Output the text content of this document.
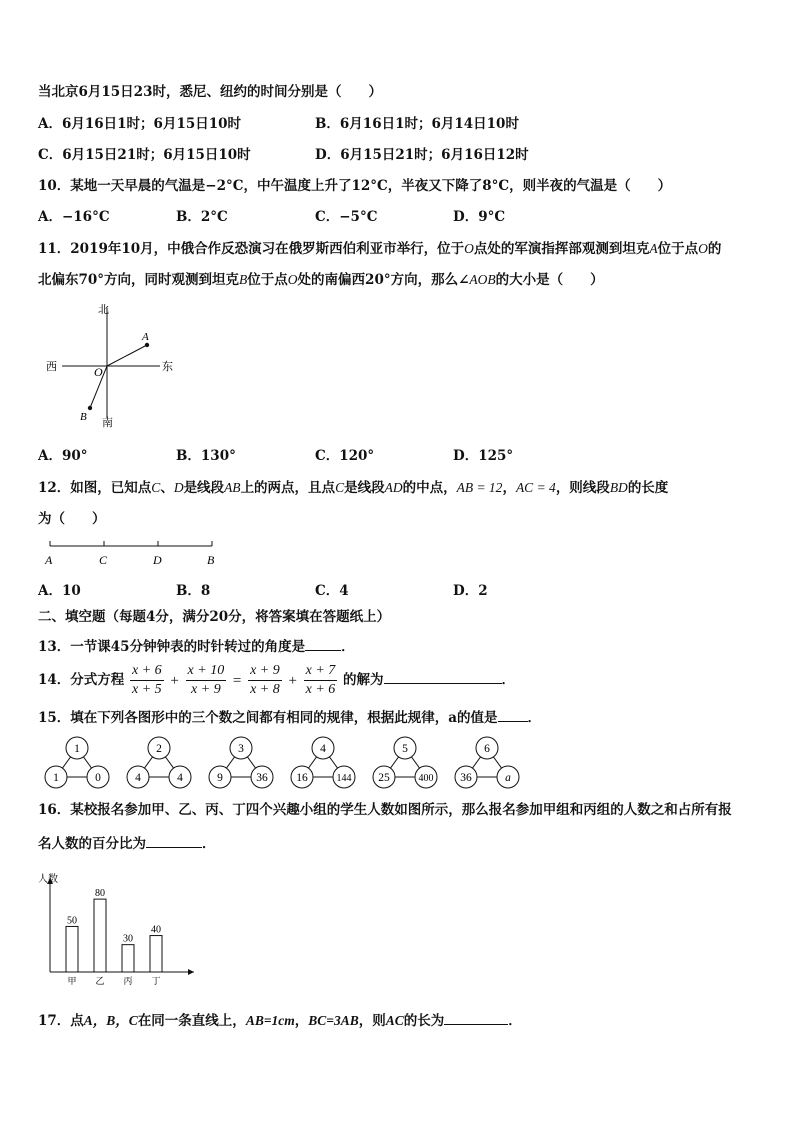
当北京6月15日23时，悉尼、纽约的时间分别是（　　）
A．6月16日1时；6月15日10时	B．6月16日1时；6月14日10时
C．6月15日21时；6月15日10时	D．6月15日21时；6月16日12时
10．某地一天早晨的气温是−2°C，中午温度上升了12°C，半夜又下降了8°C，则半夜的气温是（　　）
A．−16°C	B．2°C	C．−5°C	D．9°C
11．2019年10月，中俄合作反恐演习在俄罗斯西伯利亚市举行，位于O点处的军演指挥部观测到坦克A位于点O的
北偏东70°方向，同时观测到坦克B位于点O处的南偏西20°方向，那么∠AOB的大小是（　　）
北
南
东
西	O
A
B
A．90°	B．130°	C．120°	D．125°
12．如图，已知点C、D是线段AB上的两点，且点C是线段AD的中点，AB = 12，AC = 4，则线段BD的长度
为（　　）
A	C	D	B
A．10	B．8	C．4	D．2
二、填空题（每题4分，满分20分，将答案填在答题纸上）
13．一节课45分钟钟表的时针转过的角度是	．
14．分式方程 $\frac{x + 6}{x + 5} + \frac{x + 10}{x + 9} = \frac{x + 9}{x + 8} + \frac{x + 7}{x + 6}$ 的解为	．
15．填在下列各图形中的三个数之间都有相同的规律，根据此规律，a的值是 ．
1
1	0
2
4	4
3
9	36
4
16	144
5
25	400
6
36	a
16．某校报名参加甲、乙、丙、丁四个兴趣小组的学生人数如图所示，那么报名参加甲组和丙组的人数之和占所有报
名人数的百分比为	．
人数
50
甲
80
乙
30
丙
40
丁
17．点A，B，C在同一条直线上，AB=1cm，BC=3AB，则AC的长为	．
